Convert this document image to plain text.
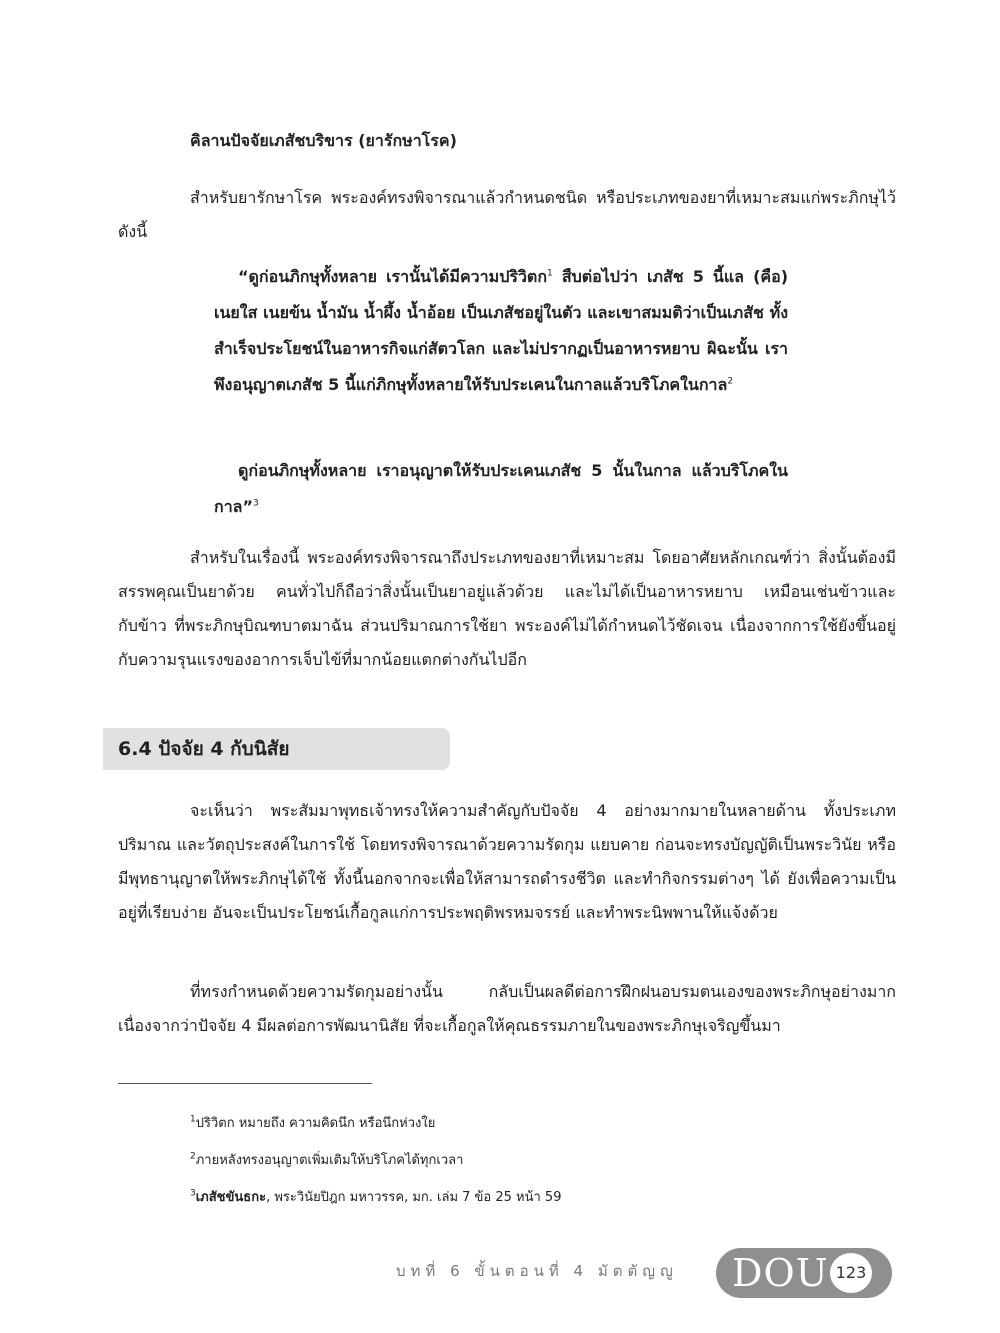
คิลานปัจจัยเภสัชบริขาร (ยารักษาโรค)

สำหรับยารักษาโรค พระองค์ทรงพิจารณาแล้วกำหนดชนิด หรือประเภทของยาที่เหมาะสมแก่พระภิกษุไว้ดังนี้

“ดูก่อนภิกษุทั้งหลาย เรานั้นได้มีความปริวิตก$^1$ สืบต่อไปว่า เภสัช 5 นี้แล (คือ) เนยใส เนยข้น น้ำมัน น้ำผึ้ง น้ำอ้อย เป็นเภสัชอยู่ในตัว และเขาสมมติว่าเป็นเภสัช ทั้งสำเร็จประโยชน์ในอาหารกิจแก่สัตวโลก และไม่ปรากฏเป็นอาหารหยาบ ผิฉะนั้น เราพึงอนุญาตเภสัช 5 นี้แก่ภิกษุทั้งหลายให้รับประเคนในกาลแล้วบริโภคในกาล$^2$

ดูก่อนภิกษุทั้งหลาย เราอนุญาตให้รับประเคนเภสัช 5 นั้นในกาล แล้วบริโภคในกาล”$^3$

สำหรับในเรื่องนี้ พระองค์ทรงพิจารณาถึงประเภทของยาที่เหมาะสม โดยอาศัยหลักเกณฑ์ว่า สิ่งนั้นต้องมีสรรพคุณเป็นยาด้วย คนทั่วไปก็ถือว่าสิ่งนั้นเป็นยาอยู่แล้วด้วย และไม่ได้เป็นอาหารหยาบ เหมือนเช่นข้าวและกับข้าว ที่พระภิกษุบิณฑบาตมาฉัน ส่วนปริมาณการใช้ยา พระองค์ไม่ได้กำหนดไว้ชัดเจน เนื่องจากการใช้ยังขึ้นอยู่กับความรุนแรงของอาการเจ็บไข้ที่มากน้อยแตกต่างกันไปอีก

6.4 ปัจจัย 4 กับนิสัย

จะเห็นว่า พระสัมมาพุทธเจ้าทรงให้ความสำคัญกับปัจจัย 4 อย่างมากมายในหลายด้าน ทั้งประเภท ปริมาณ และวัตถุประสงค์ในการใช้ โดยทรงพิจารณาด้วยความรัดกุม แยบคาย ก่อนจะทรงบัญญัติเป็นพระวินัย หรือมีพุทธานุญาตให้พระภิกษุได้ใช้ ทั้งนี้นอกจากจะเพื่อให้สามารถดำรงชีวิต และทำกิจกรรมต่างๆ ได้ ยังเพื่อความเป็นอยู่ที่เรียบง่าย อันจะเป็นประโยชน์เกื้อกูลแก่การประพฤติพรหมจรรย์ และทำพระนิพพานให้แจ้งด้วย

ที่ทรงกำหนดด้วยความรัดกุมอย่างนั้น กลับเป็นผลดีต่อการฝึกฝนอบรมตนเองของพระภิกษุอย่างมาก เนื่องจากว่าปัจจัย 4 มีผลต่อการพัฒนานิสัย ที่จะเกื้อกูลให้คุณธรรมภายในของพระภิกษุเจริญขึ้นมา

$^1$ปริวิตก หมายถึง ความคิดนึก หรือนึกห่วงใย

$^2$ภายหลังทรงอนุญาตเพิ่มเติมให้บริโภคได้ทุกเวลา

$^3$เภสัชขันธกะ, พระวินัยปิฎก มหาวรรค, มก. เล่ม 7 ข้อ 25 หน้า 59

บทที่ 6 ขั้นตอนที่ 4 มัตตัญญู DOU 123
